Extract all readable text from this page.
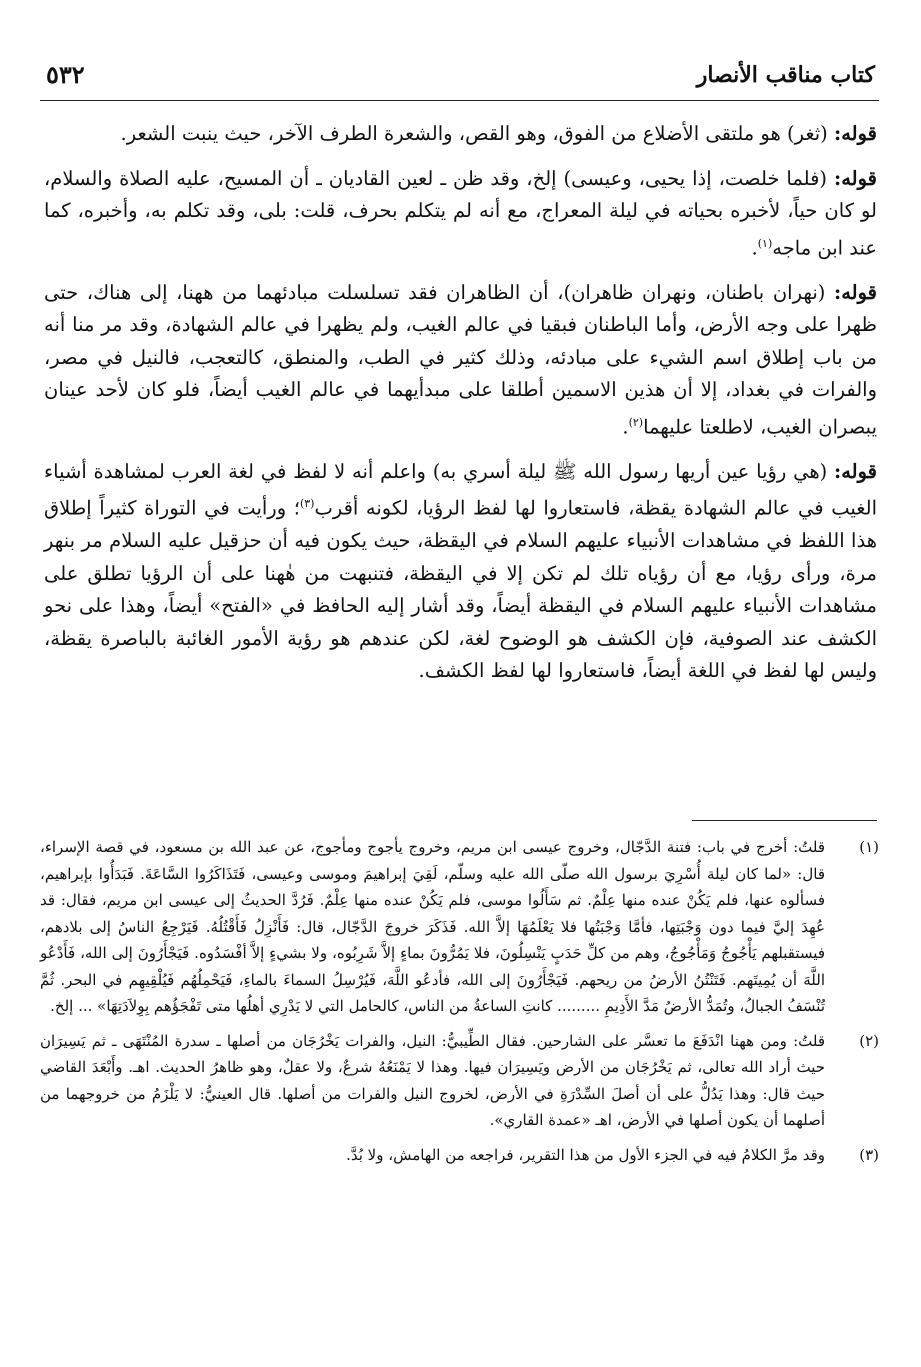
كتاب مناقب الأنصار
٥٣٢

قوله: (ثغر) هو ملتقى الأضلاع من الفوق، وهو القص، والشعرة الطرف الآخر، حيث ينبت الشعر.

قوله: (فلما خلصت، إذا يحيى، وعيسى) إلخ، وقد ظن ـ لعين القاديان ـ أن المسيح، عليه الصلاة والسلام، لو كان حياً، لأخبره بحياته في ليلة المعراج، مع أنه لم يتكلم بحرف، قلت: بلى، وقد تكلم به، وأخبره، كما عند ابن ماجه$^{(١)}$.

قوله: (نهران باطنان، ونهران ظاهران)، أن الظاهران فقد تسلسلت مبادئهما من ههنا، إلى هناك، حتى ظهرا على وجه الأرض، وأما الباطنان فبقيا في عالم الغيب، ولم يظهرا في عالم الشهادة، وقد مر منا أنه من باب إطلاق اسم الشيء على مبادئه، وذلك كثير في الطب، والمنطق، كالتعجب، فالنيل في مصر، والفرات في بغداد، إلا أن هذين الاسمين أطلقا على مبدأيهما في عالم الغيب أيضاً، فلو كان لأحد عينان يبصران الغيب، لاطلعتا عليهما$^{(٢)}$.

قوله: (هي رؤيا عين أريها رسول الله ﷺ ليلة أسري به) واعلم أنه لا لفظ في لغة العرب لمشاهدة أشياء الغيب في عالم الشهادة يقظة، فاستعاروا لها لفظ الرؤيا، لكونه أقرب$^{(٣)}$؛ ورأيت في التوراة كثيراً إطلاق هذا اللفظ في مشاهدات الأنبياء عليهم السلام في اليقظة، حيث يكون فيه أن حزقيل عليه السلام مر بنهر مرة، ورأى رؤيا، مع أن رؤياه تلك لم تكن إلا في اليقظة، فتنبهت من هٰهنا على أن الرؤيا تطلق على مشاهدات الأنبياء عليهم السلام في اليقظة أيضاً، وقد أشار إليه الحافظ في «الفتح» أيضاً، وهذا على نحو الكشف عند الصوفية، فإن الكشف هو الوضوح لغة، لكن عندهم هو رؤية الأمور الغائبة بالباصرة يقظة، وليس لها لفظ في اللغة أيضاً، فاستعاروا لها لفظ الكشف.

(١)
قلتُ: أخرج في باب: فتنة الدَّجّال، وخروج عيسى ابن مريم، وخروج يأجوج ومأجوج، عن عبد الله بن مسعود، في قصة الإسراء، قال: «لما كان ليلة أُسْرِيَ برسول الله صلّى الله عليه وسلّم، لَقِيَ إبراهيمَ وموسى وعيسى، فَتَذَاكَرُوا السَّاعَةَ. فَبَدَأُوا بإبراهيم، فسألوه عنها، فلم يَكُنْ عنده منها عِلْمٌ. ثم سَأَلُوا موسى، فلم يَكُنْ عنده منها عِلْمٌ. فَرُدَّ الحديثُ إلى عيسى ابن مريم، فقال: قد عُهِدَ إليَّ فيما دون وَجْبَتِها، فأمَّا وَجْبَتُها فلا يَعْلَمُهَا إلاَّ الله. فَذَكَرَ خروجَ الدَّجّال، قال: فَأَنْزِلُ فَأَقْتُلُهُ. فَيَرْجِعُ الناسُ إلى بلادهم، فيستقبلهم يَأْجُوجُ وَمَأْجُوجُ، وهم من كلِّ حَدَبٍ يَنْسِلُونَ، فلا يَمُرُّونَ بماءٍ إلاَّ شَرِبُوه، ولا بشيءٍ إلاَّ أفْسَدُوه. فَيَجْأَرُونَ إلى الله، فَأَدْعُو اللَّهَ أن يُمِيتَهم. فَتَنْتُنُ الأرضُ من ريحهم. فَيَجْأَرُونَ إلى الله، فأدعُو اللَّهَ، فَيُرْسِلُ السماءَ بالماءِ، فَيَحْمِلُهُم فَيُلْقِيهِم في البحر. ثُمَّ تُنْسَفُ الجبالُ، وتُمَدُّ الأرضُ مَدَّ الأَدِيمِ ......... كانتِ الساعةُ من الناس، كالحامل التي لا يَدْرِي أهلُها متى تَفْجَؤُهم بِوِلاَدَتِهَا» ... إلخ.
(٢)
قلتُ: ومن ههنا انْدَفَعَ ما تعسَّر على الشارحين. فقال الطِّيبيُّ: النيل، والفرات يَخْرُجَان من أصلها ـ سدرة المُنْتَهَى ـ ثم يَسِيرَان حيث أراد الله تعالى، ثم يَخْرُجَان من الأرض ويَسِيرَان فيها. وهذا لا يَمْنَعُهُ شرعٌ، ولا عقلٌ، وهو ظاهرُ الحديث. اهـ. وأَبْعَدَ القاضي حيث قال: وهذا يَدُلُّ على أن أصلَ السِّدْرَةِ في الأرض، لخروج النيل والفرات من أصلها. قال العينيُّ: لا يَلْزَمُ من خروجهما من أصلهما أن يكون أصلها في الأرض، اهـ «عمدة القاري».
(٣)
وقد مرَّ الكلامُ فيه في الجزء الأول من هذا التقرير، فراجعه من الهامش، ولا بُدَّ.
